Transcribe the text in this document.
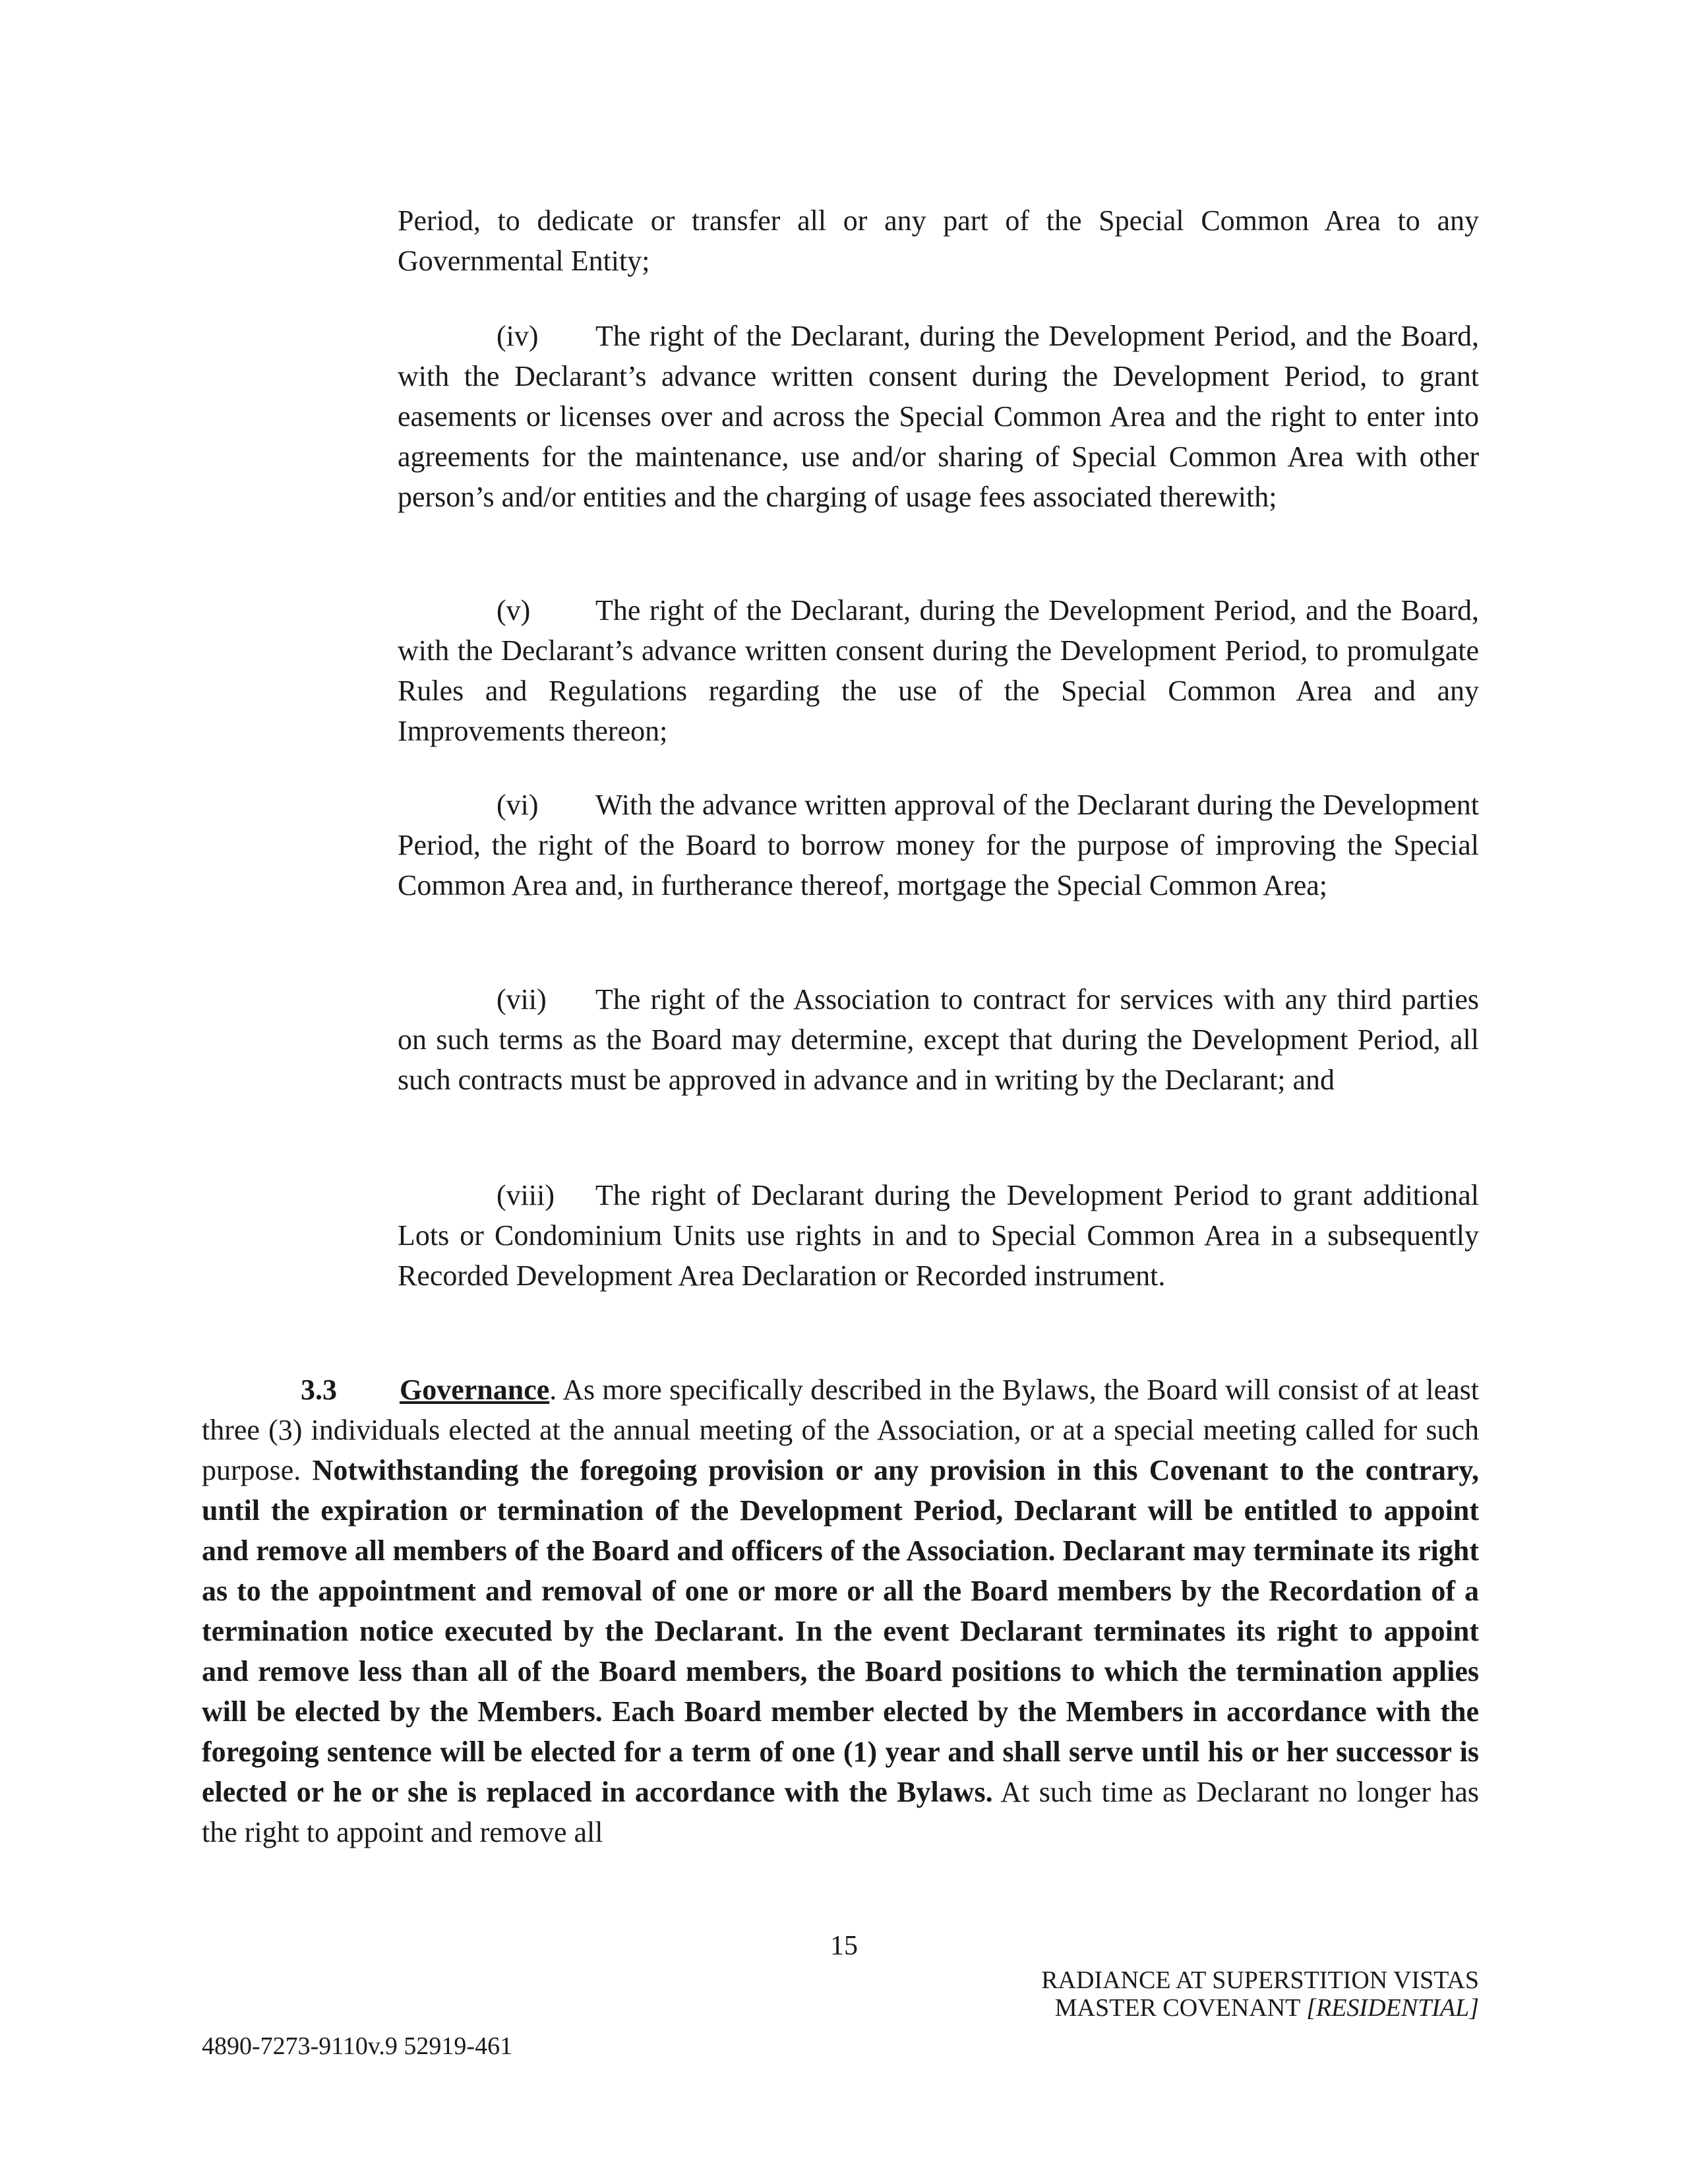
Period, to dedicate or transfer all or any part of the Special Common Area to any Governmental Entity;

(iv) The right of the Declarant, during the Development Period, and the Board, with the Declarant’s advance written consent during the Development Period, to grant easements or licenses over and across the Special Common Area and the right to enter into agreements for the maintenance, use and/or sharing of Special Common Area with other person’s and/or entities and the charging of usage fees associated therewith;

(v) The right of the Declarant, during the Development Period, and the Board, with the Declarant’s advance written consent during the Development Period, to promulgate Rules and Regulations regarding the use of the Special Common Area and any Improvements thereon;

(vi) With the advance written approval of the Declarant during the Development Period, the right of the Board to borrow money for the purpose of improving the Special Common Area and, in furtherance thereof, mortgage the Special Common Area;

(vii) The right of the Association to contract for services with any third parties on such terms as the Board may determine, except that during the Development Period, all such contracts must be approved in advance and in writing by the Declarant; and

(viii) The right of Declarant during the Development Period to grant additional Lots or Condominium Units use rights in and to Special Common Area in a subsequently Recorded Development Area Declaration or Recorded instrument.

3.3 Governance. As more specifically described in the Bylaws, the Board will consist of at least three (3) individuals elected at the annual meeting of the Association, or at a special meeting called for such purpose. Notwithstanding the foregoing provision or any provision in this Covenant to the contrary, until the expiration or termination of the Development Period, Declarant will be entitled to appoint and remove all members of the Board and officers of the Association. Declarant may terminate its right as to the appointment and removal of one or more or all the Board members by the Recordation of a termination notice executed by the Declarant. In the event Declarant terminates its right to appoint and remove less than all of the Board members, the Board positions to which the termination applies will be elected by the Members. Each Board member elected by the Members in accordance with the foregoing sentence will be elected for a term of one (1) year and shall serve until his or her successor is elected or he or she is replaced in accordance with the Bylaws. At such time as Declarant no longer has the right to appoint and remove all

15
RADIANCE AT SUPERSTITION VISTAS
MASTER COVENANT [RESIDENTIAL]
4890-7273-9110v.9 52919-461
